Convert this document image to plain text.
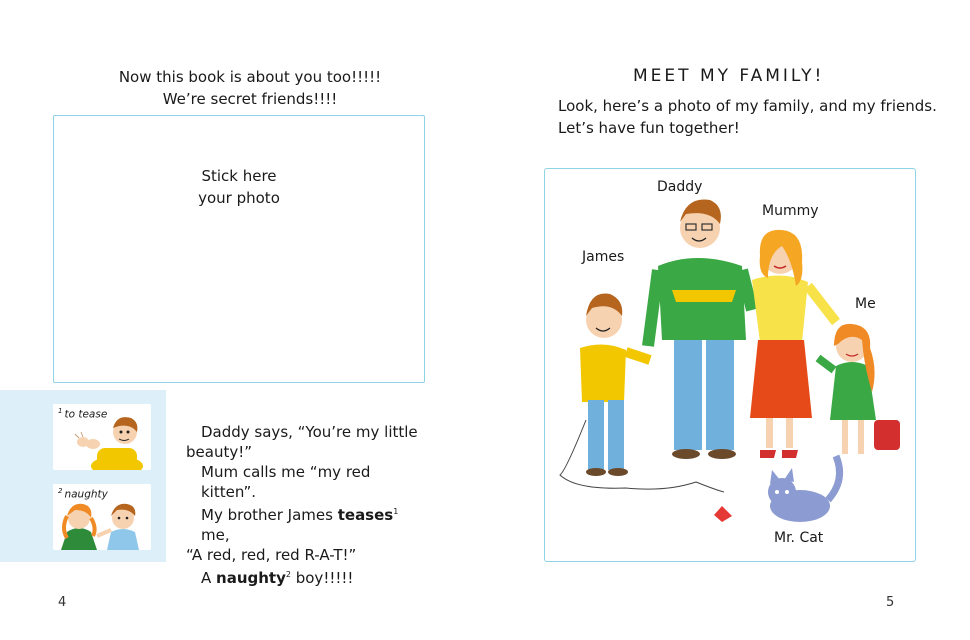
Now this book is about you too!!!!!
We’re secret friends!!!!
Stick here
your photo
$^1$ to tease
$^2$ naughty

Daddy says, “You’re my little

beauty!”

Mum calls me “my red kitten”.

My brother James teases$^1$ me,

“A red, red, red R-A-T!”

A naughty$^2$ boy!!!!!

4
MEET MY FAMILY!
Look, here’s a photo of my family, and my friends.
Let’s have fun together!
Daddy
Mummy
James
Me
Mr. Cat
5
